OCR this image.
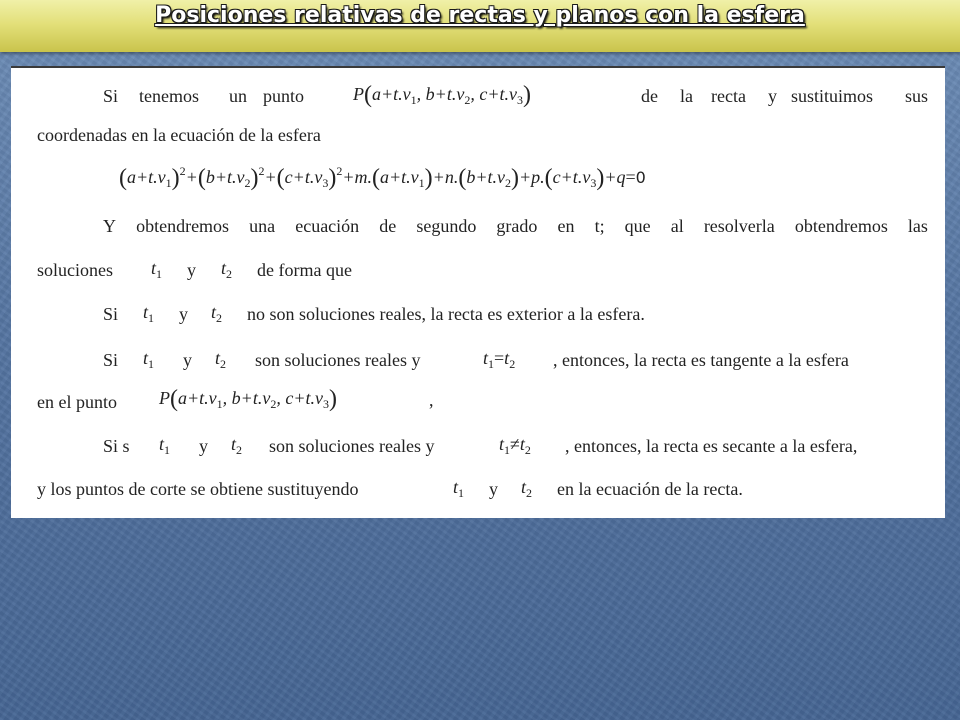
Posiciones relativas de rectas y planos con la esfera
Si tenemos un punto	$P(a+t.v_1$, $b+t.v_2$, $c+t.v_3$)	de la recta y sustituimos sus
coordenadas en la ecuación de la esfera
$(a+t.v_1)^2+(b+t.v_2)^2+(c+t.v_3)^2+m.(a+t.v_1)+n.(b+t.v_2)+p.(c+t.v_3)+q=0$
Y obtendremos una ecuación de segundo grado en t; que al resolverla obtendremos las
soluciones $t_1$ y $t_2$ de forma que
Si $t_1$ y $t_2$ no son soluciones reales, la recta es exterior a la esfera.
Si $t_1$ y $t_2$ son soluciones reales y	$t_1=t_2$ , entonces, la recta es tangente a la esfera
en el punto $P(a+t.v_1$, $b+t.v_2$, $c+t.v_3$)	,
Si s $t_1$ y $t_2$ son soluciones reales y	$t_1\ne t_2$ , entonces, la recta es secante a la esfera,
y los puntos de corte se obtiene sustituyendo	$t_1$ y $t_2$ en la ecuación de la recta.
